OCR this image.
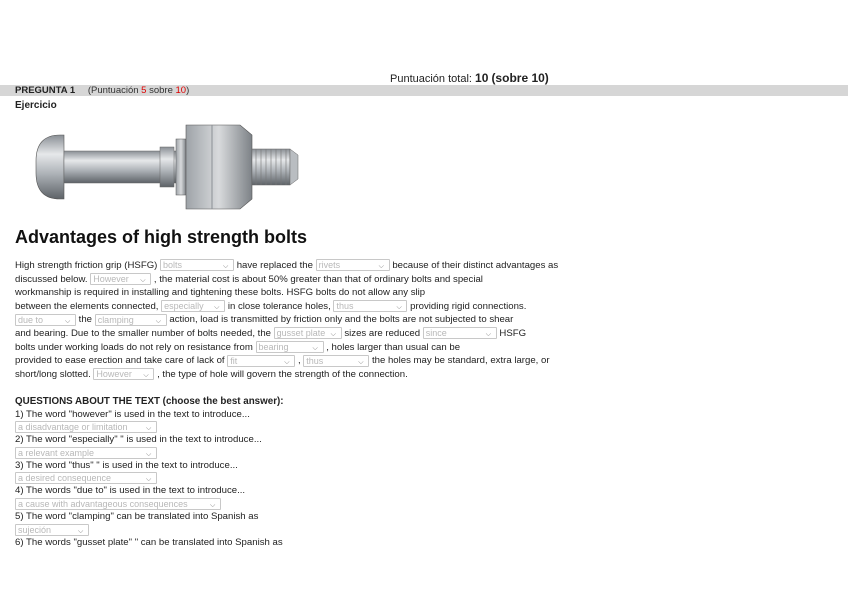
Puntuación total: 10 (sobre 10)
PREGUNTA 1 (Puntuación 5 sobre 10)
Ejercicio
Advantages of high strength bolts
High strength friction grip (HSFG) bolts	⌵ have replaced the rivets	⌵ because of their distinct advantages as
discussed below. However ⌵ , the material cost is about 50% greater than that of ordinary bolts and special
workmanship is required in installing and tightening these bolts. HSFG bolts do not allow any slip
between the elements connected, especially ⌵ in close tolerance holes, thus	⌵ providing rigid connections.
due to	⌵ the clamping	⌵ action, load is transmitted by friction only and the bolts are not subjected to shear
and bearing. Due to the smaller number of bolts needed, the gusset plate ⌵ sizes are reduced since	⌵ HSFG
bolts under working loads do not rely on resistance from bearing	⌵ , holes larger than usual can be
provided to ease erection and take care of lack of fit	⌵ , thus	⌵ the holes may be standard, extra large, or
short/long slotted. However ⌵ , the type of hole will govern the strength of the connection.
QUESTIONS ABOUT THE TEXT (choose the best answer):
1) The word "however" is used in the text to introduce...
a disadvantage or limitation	⌵
2) The word "especially" " is used in the text to introduce...
a relevant example	⌵
3) The word "thus" " is used in the text to introduce...
a desired consequence	⌵
4) The words "due to" is used in the text to introduce...
a cause with advantageous consequences	⌵
5) The word "clamping" can be translated into Spanish as
sujeción	⌵
6) The words "gusset plate" " can be translated into Spanish as
